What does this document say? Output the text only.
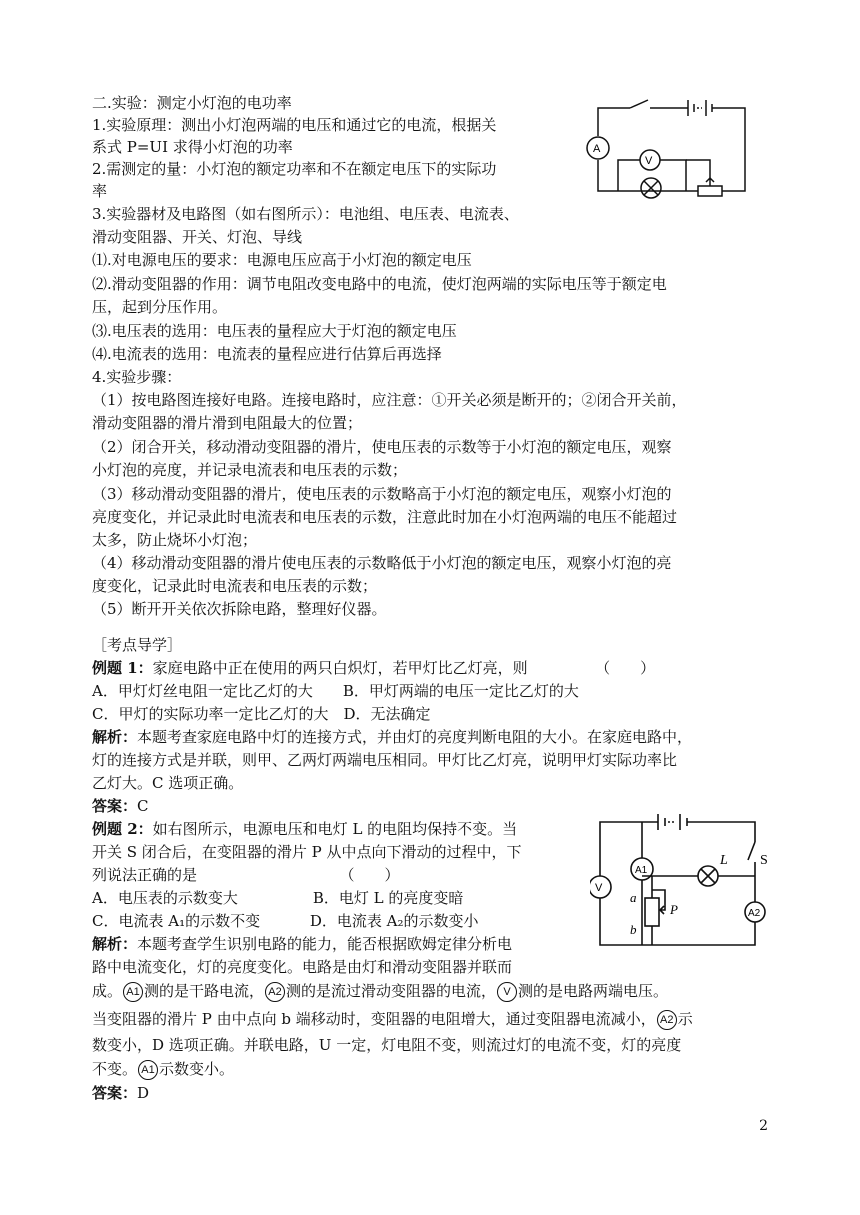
二.实验：测定小灯泡的电功率
1.实验原理：测出小灯泡两端的电压和通过它的电流，根据关
系式 P=UI 求得小灯泡的功率
2.需测定的量：小灯泡的额定功率和不在额定电压下的实际功
率
3.实验器材及电路图（如右图所示）：电池组、电压表、电流表、
滑动变阻器、开关、灯泡、导线
⑴.对电源电压的要求：电源电压应高于小灯泡的额定电压
⑵.滑动变阻器的作用：调节电阻改变电路中的电流，使灯泡两端的实际电压等于额定电
压，起到分压作用。
⑶.电压表的选用：电压表的量程应大于灯泡的额定电压
⑷.电流表的选用：电流表的量程应进行估算后再选择
4.实验步骤：
（1）按电路图连接好电路。连接电路时，应注意：①开关必须是断开的；②闭合开关前，
滑动变阻器的滑片滑到电阻最大的位置；
（2）闭合开关，移动滑动变阻器的滑片，使电压表的示数等于小灯泡的额定电压，观察
小灯泡的亮度，并记录电流表和电压表的示数；
（3）移动滑动变阻器的滑片，使电压表的示数略高于小灯泡的额定电压，观察小灯泡的
亮度变化，并记录此时电流表和电压表的示数，注意此时加在小灯泡两端的电压不能超过
太多，防止烧坏小灯泡；
（4）移动滑动变阻器的滑片使电压表的示数略低于小灯泡的额定电压，观察小灯泡的亮
度变化，记录此时电流表和电压表的示数；
（5）断开开关依次拆除电路，整理好仪器。
［考点导学］
例题 1：家庭电路中正在使用的两只白炽灯，若甲灯比乙灯亮，则　　　　　（　　）
A．甲灯灯丝电阻一定比乙灯的大　　B．甲灯两端的电压一定比乙灯的大
C．甲灯的实际功率一定比乙灯的大　D．无法确定
解析：本题考查家庭电路中灯的连接方式，并由灯的亮度判断电阻的大小。在家庭电路中，
灯的连接方式是并联，则甲、乙两灯两端电压相同。甲灯比乙灯亮，说明甲灯实际功率比
乙灯大。C 选项正确。
答案：C
例题 2：如右图所示，电源电压和电灯 L 的电阻均保持不变。当
开关 S 闭合后，在变阻器的滑片 P 从中点向下滑动的过程中，下
列说法正确的是　　　　　　　　　　（　　）
A．电压表的示数变大　　　　　B．电灯 L 的亮度变暗
C．电流表 A₁的示数不变　　　 D．电流表 A₂的示数变小
解析：本题考查学生识别电路的能力，能否根据欧姆定律分析电
路中电流变化，灯的亮度变化。电路是由灯和滑动变阻器并联而
成。 A1 测的是干路电流， A2 测的是流过滑动变阻器的电流， V 测的是电路两端电压。
当变阻器的滑片 P 由中点向 b 端移动时，变阻器的电阻增大，通过变阻器电流减小， A2 示
数变小，D 选项正确。并联电路，U 一定，灯电阻不变，则流过灯的电流不变，灯的亮度
不变。 A1 示数变小。
答案：D
2
A
V
A1
A2
V
L S
a
b
P
